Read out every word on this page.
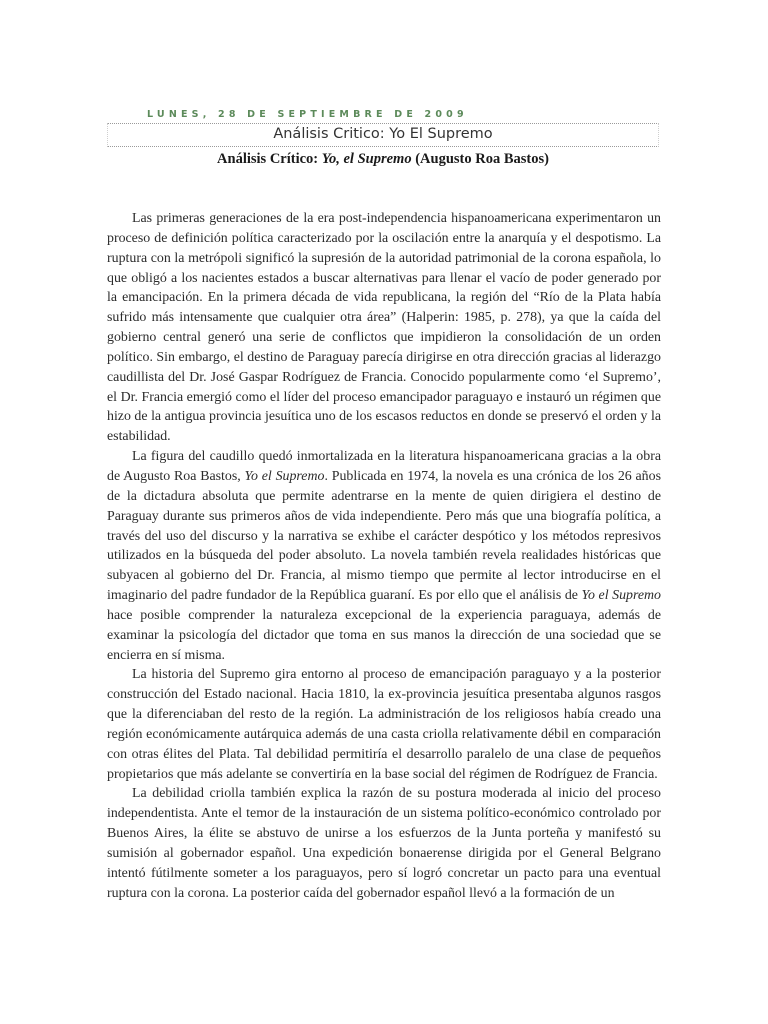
LUNES, 28 DE SEPTIEMBRE DE 2009
Análisis Critico: Yo El Supremo
Análisis Crítico: Yo, el Supremo (Augusto Roa Bastos)

Las primeras generaciones de la era post-independencia hispanoamericana experimentaron un proceso de definición política caracterizado por la oscilación entre la anarquía y el despotismo. La ruptura con la metrópoli significó la supresión de la autoridad patrimonial de la corona española, lo que obligó a los nacientes estados a buscar alternativas para llenar el vacío de poder generado por la emancipación. En la primera década de vida republicana, la región del “Río de la Plata había sufrido más intensamente que cualquier otra área” (Halperin: 1985, p. 278), ya que la caída del gobierno central generó una serie de conflictos que impidieron la consolidación de un orden político. Sin embargo, el destino de Paraguay parecía dirigirse en otra dirección gracias al liderazgo caudillista del Dr. José Gaspar Rodríguez de Francia. Conocido popularmente como ‘el Supremo’, el Dr. Francia emergió como el líder del proceso emancipador paraguayo e instauró un régimen que hizo de la antigua provincia jesuítica uno de los escasos reductos en donde se preservó el orden y la estabilidad.

La figura del caudillo quedó inmortalizada en la literatura hispanoamericana gracias a la obra de Augusto Roa Bastos, Yo el Supremo. Publicada en 1974, la novela es una crónica de los 26 años de la dictadura absoluta que permite adentrarse en la mente de quien dirigiera el destino de Paraguay durante sus primeros años de vida independiente. Pero más que una biografía política, a través del uso del discurso y la narrativa se exhibe el carácter despótico y los métodos represivos utilizados en la búsqueda del poder absoluto. La novela también revela realidades históricas que subyacen al gobierno del Dr. Francia, al mismo tiempo que permite al lector introducirse en el imaginario del padre fundador de la República guaraní. Es por ello que el análisis de Yo el Supremo hace posible comprender la naturaleza excepcional de la experiencia paraguaya, además de examinar la psicología del dictador que toma en sus manos la dirección de una sociedad que se encierra en sí misma.

La historia del Supremo gira entorno al proceso de emancipación paraguayo y a la posterior construcción del Estado nacional. Hacia 1810, la ex-provincia jesuítica presentaba algunos rasgos que la diferenciaban del resto de la región. La administración de los religiosos había creado una región económicamente autárquica además de una casta criolla relativamente débil en comparación con otras élites del Plata. Tal debilidad permitiría el desarrollo paralelo de una clase de pequeños propietarios que más adelante se convertiría en la base social del régimen de Rodríguez de Francia.

La debilidad criolla también explica la razón de su postura moderada al inicio del proceso independentista. Ante el temor de la instauración de un sistema político-económico controlado por Buenos Aires, la élite se abstuvo de unirse a los esfuerzos de la Junta porteña y manifestó su sumisión al gobernador español. Una expedición bonaerense dirigida por el General Belgrano intentó fútilmente someter a los paraguayos, pero sí logró concretar un pacto para una eventual ruptura con la corona. La posterior caída del gobernador español llevó a la formación de un
